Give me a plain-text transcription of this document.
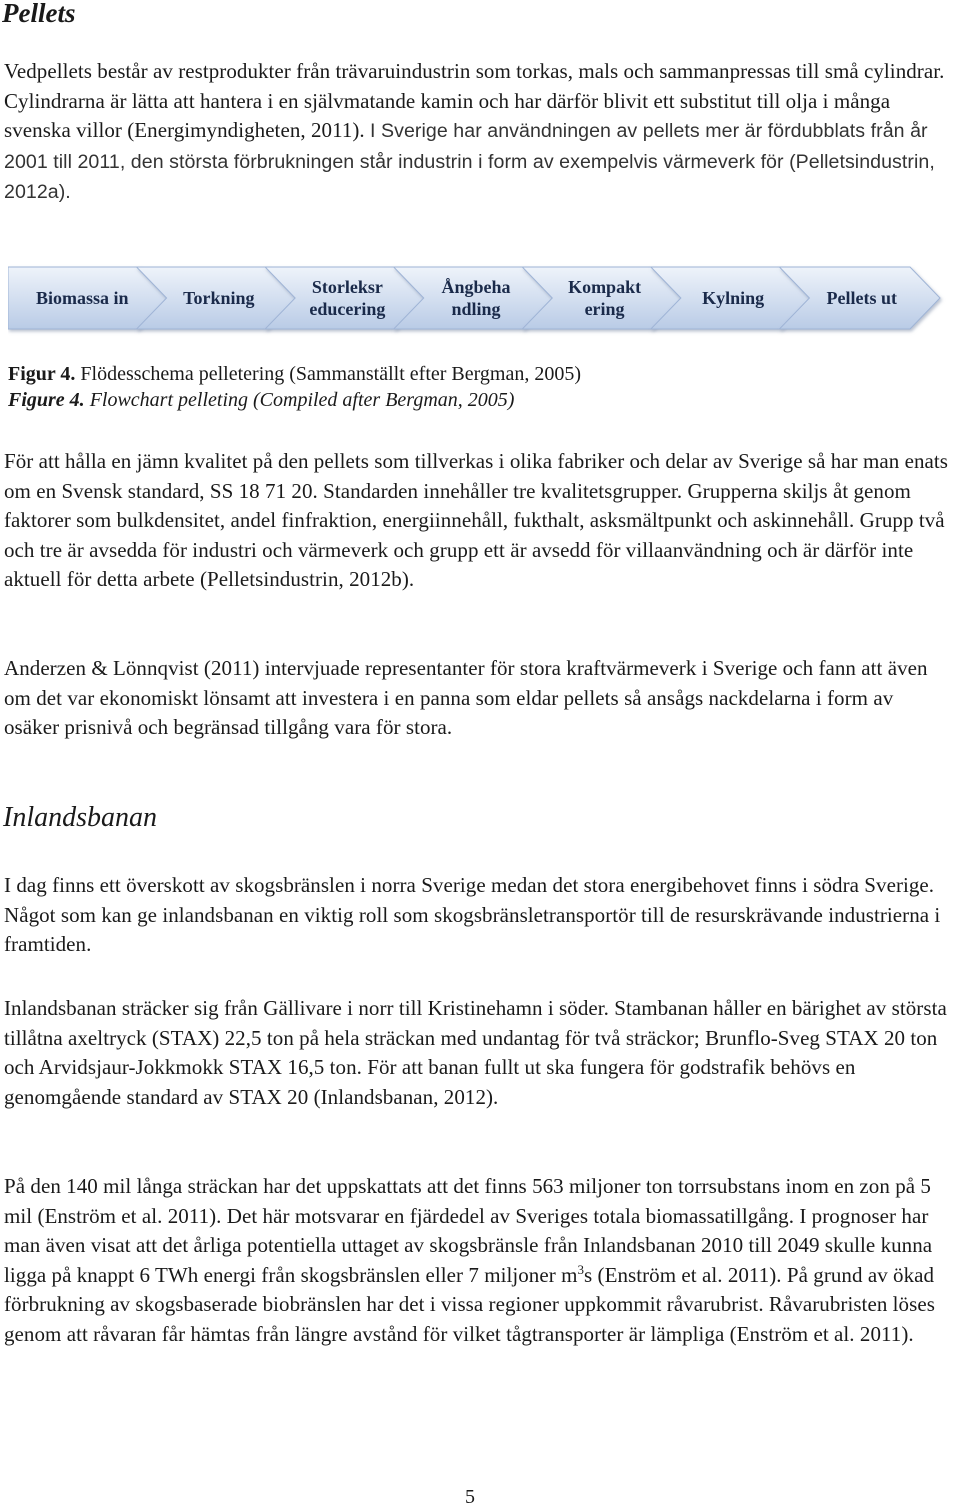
Pellets

Vedpellets består av restprodukter från trävaruindustrin som torkas, mals och sammanpressas till små cylindrar. Cylindrarna är lätta att hantera i en självmatande kamin och har därför blivit ett substitut till olja i många svenska villor (Energimyndigheten, 2011). I Sverige har användningen av pellets mer är fördubblats från år 2001 till 2011, den största förbrukningen står industrin i form av exempelvis värmeverk för (Pelletsindustrin, 2012a).

Biomassa in	Torkning
Storleksr educering
Ångbeha ndling
Kompakt ering
Kylning	Pellets ut

Figur 4. Flödesschema pelletering (Sammanställt efter Bergman, 2005)

Figure 4. Flowchart pelleting (Compiled after Bergman, 2005)

För att hålla en jämn kvalitet på den pellets som tillverkas i olika fabriker och delar av Sverige så har man enats om en Svensk standard, SS 18 71 20. Standarden innehåller tre kvalitetsgrupper. Grupperna skiljs åt genom faktorer som bulkdensitet, andel finfraktion, energiinnehåll, fukthalt, asksmältpunkt och askinnehåll. Grupp två och tre är avsedda för industri och värmeverk och grupp ett är avsedd för villaanvändning och är därför inte aktuell för detta arbete (Pelletsindustrin, 2012b).

Anderzen & Lönnqvist (2011) intervjuade representanter för stora kraftvärmeverk i Sverige och fann att även om det var ekonomiskt lönsamt att investera i en panna som eldar pellets så ansågs nackdelarna i form av osäker prisnivå och begränsad tillgång vara för stora.

Inlandsbanan

I dag finns ett överskott av skogsbränslen i norra Sverige medan det stora energibehovet finns i södra Sverige. Något som kan ge inlandsbanan en viktig roll som skogsbränsletransportör till de resurskrävande industrierna i framtiden.

Inlandsbanan sträcker sig från Gällivare i norr till Kristinehamn i söder. Stambanan håller en bärighet av största tillåtna axeltryck (STAX) 22,5 ton på hela sträckan med undantag för två sträckor; Brunflo-Sveg STAX 20 ton och Arvidsjaur-Jokkmokk STAX 16,5 ton. För att banan fullt ut ska fungera för godstrafik behövs en genomgående standard av STAX 20 (Inlandsbanan, 2012).

På den 140 mil långa sträckan har det uppskattats att det finns 563 miljoner ton torrsubstans inom en zon på 5 mil (Enström et al. 2011). Det här motsvarar en fjärdedel av Sveriges totala biomassatillgång. I prognoser har man även visat att det årliga potentiella uttaget av skogsbränsle från Inlandsbanan 2010 till 2049 skulle kunna ligga på knappt 6 TWh energi från skogsbränslen eller 7 miljoner $m^3s$ (Enström et al. 2011). På grund av ökad förbrukning av skogsbaserade biobränslen har det i vissa regioner uppkommit råvarubrist. Råvarubristen löses genom att råvaran får hämtas från längre avstånd för vilket tågtransporter är lämpliga (Enström et al. 2011).

5
